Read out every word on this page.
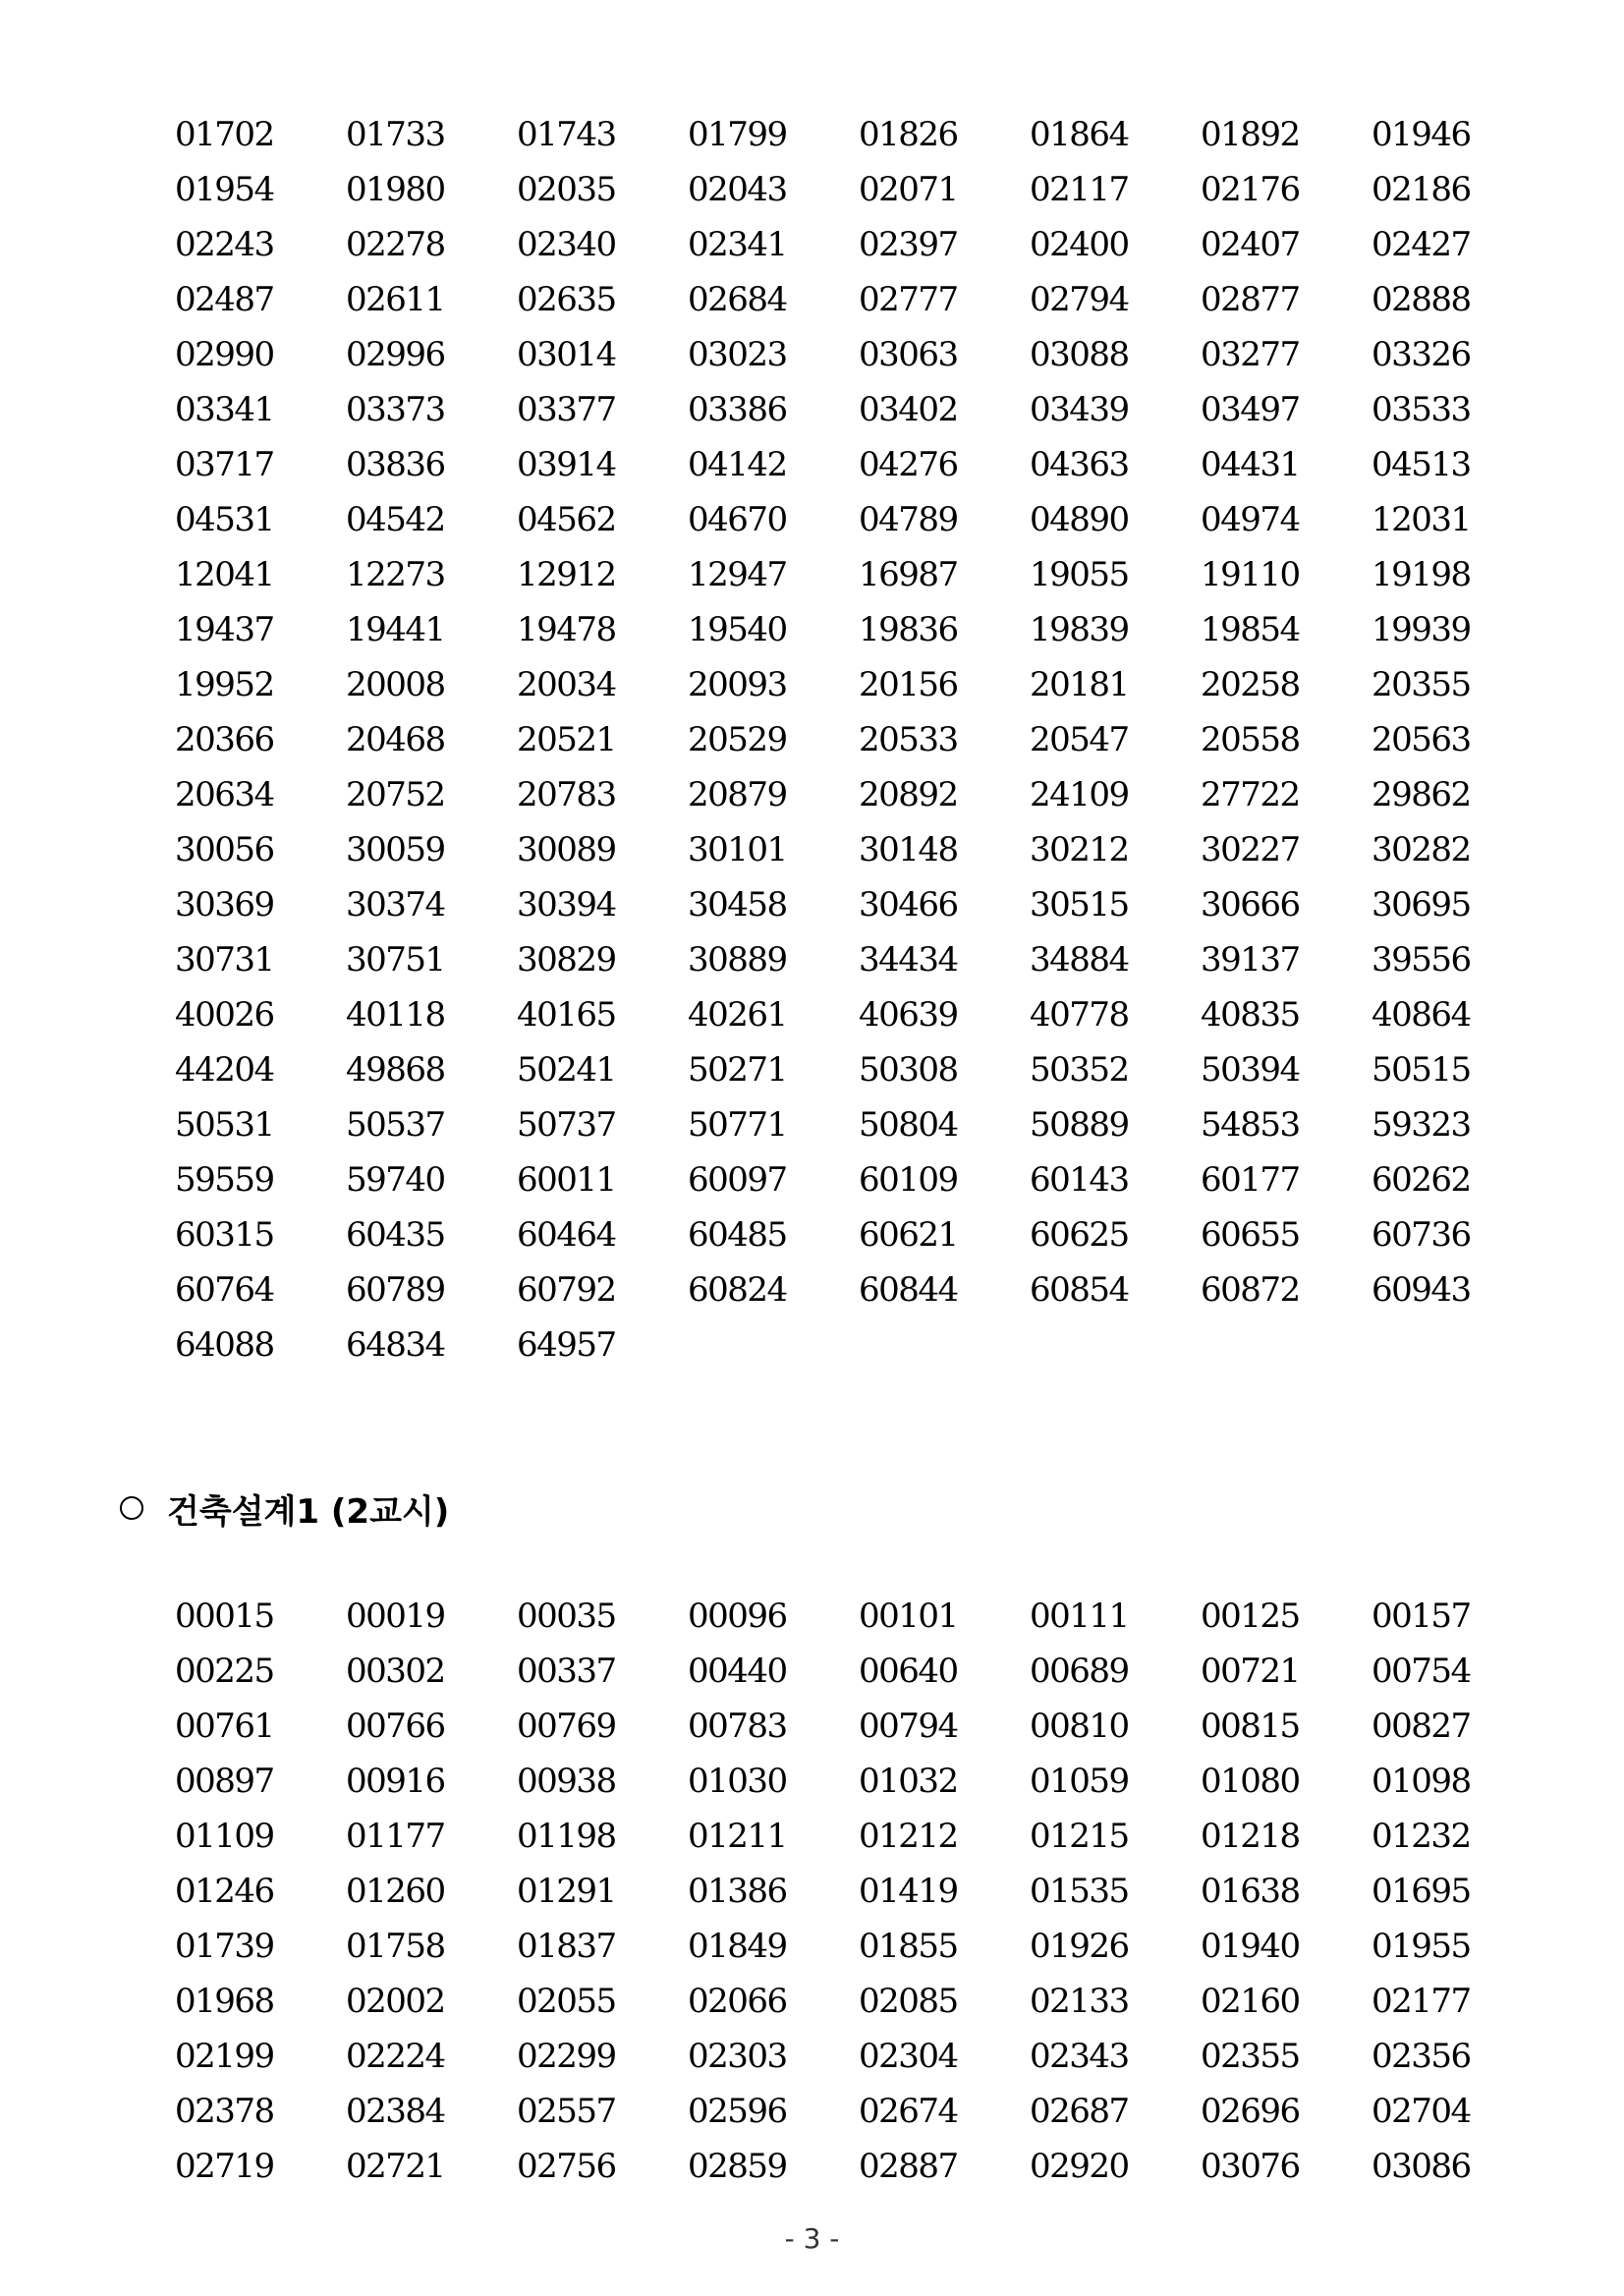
01702	01733	01743	01799	01826	01864	01892	01946
01954	01980	02035	02043	02071	02117	02176	02186
02243	02278	02340	02341	02397	02400	02407	02427
02487	02611	02635	02684	02777	02794	02877	02888
02990	02996	03014	03023	03063	03088	03277	03326
03341	03373	03377	03386	03402	03439	03497	03533
03717	03836	03914	04142	04276	04363	04431	04513
04531	04542	04562	04670	04789	04890	04974	12031
12041	12273	12912	12947	16987	19055	19110	19198
19437	19441	19478	19540	19836	19839	19854	19939
19952	20008	20034	20093	20156	20181	20258	20355
20366	20468	20521	20529	20533	20547	20558	20563
20634	20752	20783	20879	20892	24109	27722	29862
30056	30059	30089	30101	30148	30212	30227	30282
30369	30374	30394	30458	30466	30515	30666	30695
30731	30751	30829	30889	34434	34884	39137	39556
40026	40118	40165	40261	40639	40778	40835	40864
44204	49868	50241	50271	50308	50352	50394	50515
50531	50537	50737	50771	50804	50889	54853	59323
59559	59740	60011	60097	60109	60143	60177	60262
60315	60435	60464	60485	60621	60625	60655	60736
60764	60789	60792	60824	60844	60854	60872	60943
64088	64834	64957
건축설계1 (2교시)
00015	00019	00035	00096	00101	00111	00125	00157
00225	00302	00337	00440	00640	00689	00721	00754
00761	00766	00769	00783	00794	00810	00815	00827
00897	00916	00938	01030	01032	01059	01080	01098
01109	01177	01198	01211	01212	01215	01218	01232
01246	01260	01291	01386	01419	01535	01638	01695
01739	01758	01837	01849	01855	01926	01940	01955
01968	02002	02055	02066	02085	02133	02160	02177
02199	02224	02299	02303	02304	02343	02355	02356
02378	02384	02557	02596	02674	02687	02696	02704
02719	02721	02756	02859	02887	02920	03076	03086
- 3 -
